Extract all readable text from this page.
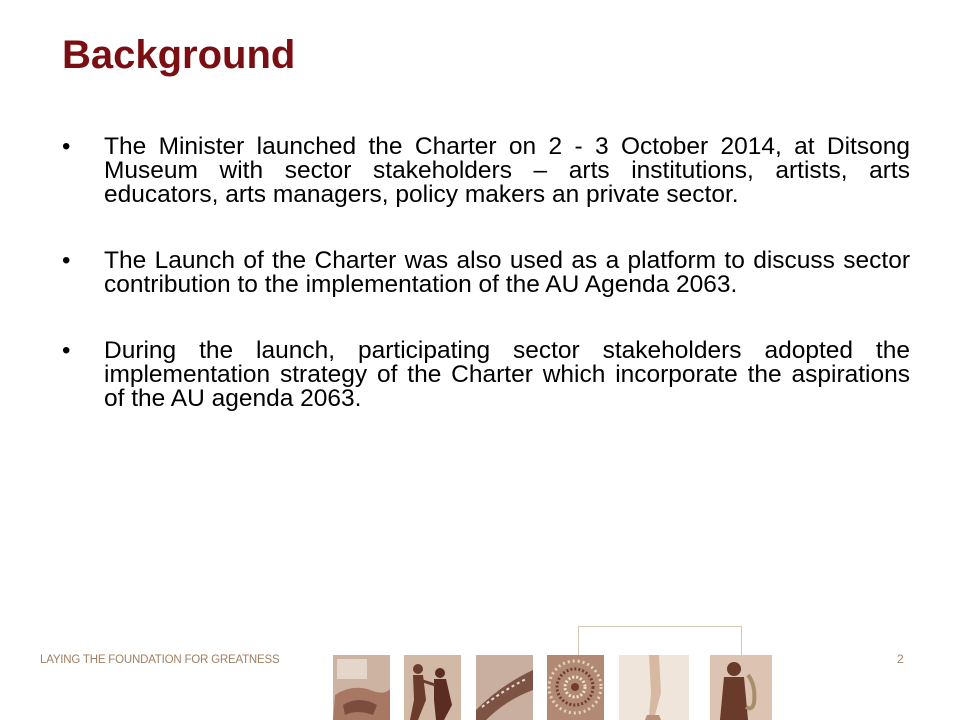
Background
•	The Minister launched the Charter on 2 - 3 October 2014, at Ditsong Museum with sector stakeholders – arts institutions, artists, arts educators, arts managers, policy makers an private sector.
•	The Launch of the Charter was also used as a platform to discuss sector contribution to the implementation of the AU Agenda 2063.
•	During the launch, participating sector stakeholders adopted the implementation strategy of the Charter which incorporate the aspirations of the AU agenda 2063.
LAYING THE FOUNDATION FOR GREATNESS	2
